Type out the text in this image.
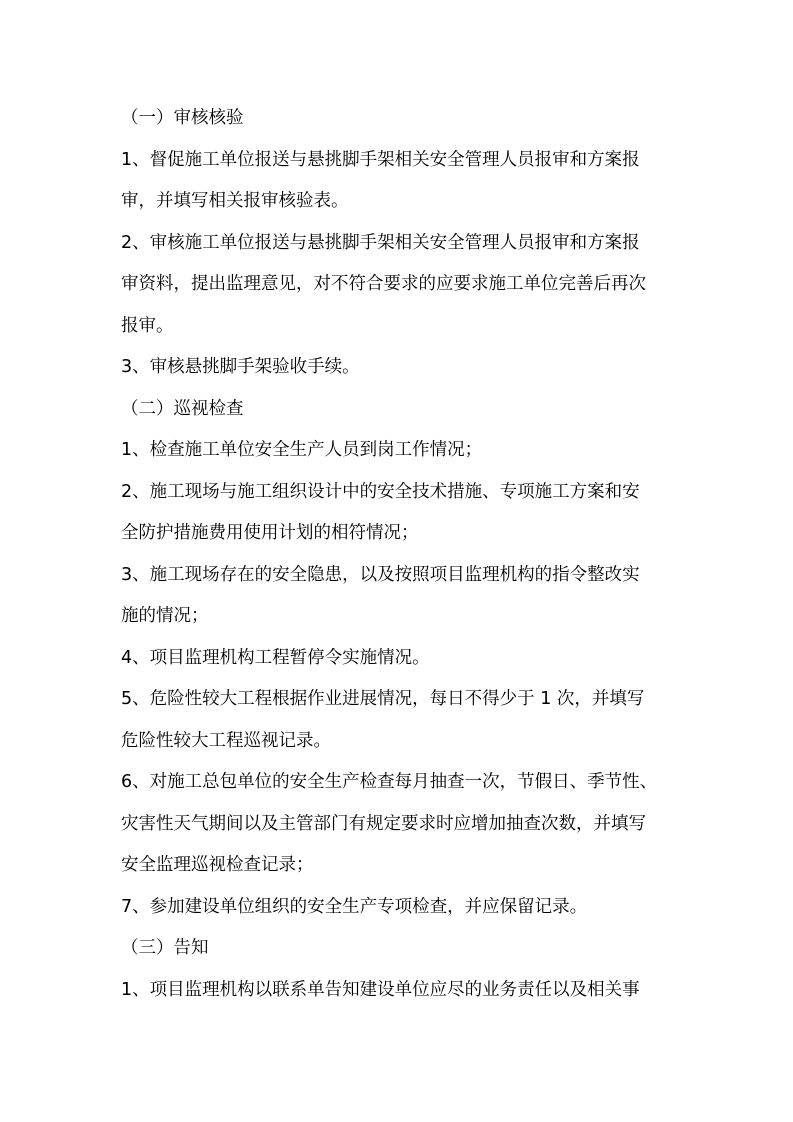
（一）审核核验
1、督促施工单位报送与悬挑脚手架相关安全管理人员报审和方案报
审，并填写相关报审核验表。
2、审核施工单位报送与悬挑脚手架相关安全管理人员报审和方案报
审资料，提出监理意见，对不符合要求的应要求施工单位完善后再次
报审。
3、审核悬挑脚手架验收手续。
（二）巡视检查
1、检查施工单位安全生产人员到岗工作情况；
2、施工现场与施工组织设计中的安全技术措施、专项施工方案和安
全防护措施费用使用计划的相符情况；
3、施工现场存在的安全隐患，以及按照项目监理机构的指令整改实
施的情况；
4、项目监理机构工程暂停令实施情况。
5、危险性较大工程根据作业进展情况，每日不得少于 1 次，并填写
危险性较大工程巡视记录。
6、对施工总包单位的安全生产检查每月抽查一次，节假日、季节性、
灾害性天气期间以及主管部门有规定要求时应增加抽查次数，并填写
安全监理巡视检查记录；
7、参加建设单位组织的安全生产专项检查，并应保留记录。
（三）告知
1、项目监理机构以联系单告知建设单位应尽的业务责任以及相关事
